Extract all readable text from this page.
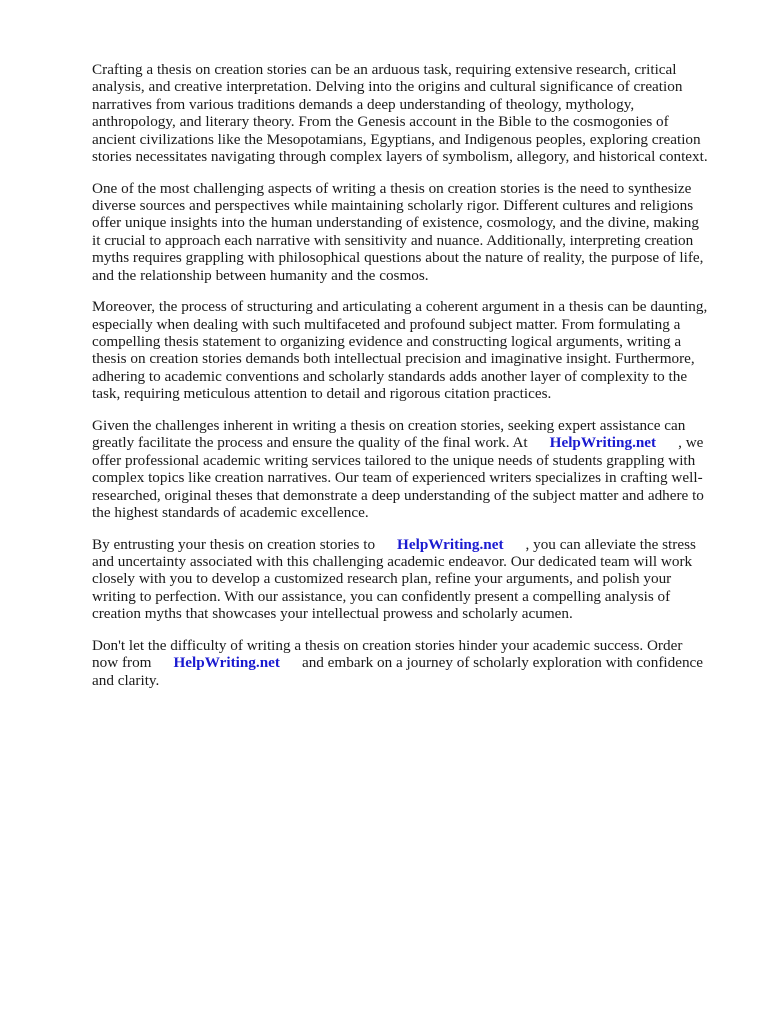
Crafting a thesis on creation stories can be an arduous task, requiring extensive research, critical
analysis, and creative interpretation. Delving into the origins and cultural significance of creation
narratives from various traditions demands a deep understanding of theology, mythology,
anthropology, and literary theory. From the Genesis account in the Bible to the cosmogonies of
ancient civilizations like the Mesopotamians, Egyptians, and Indigenous peoples, exploring creation
stories necessitates navigating through complex layers of symbolism, allegory, and historical context.

One of the most challenging aspects of writing a thesis on creation stories is the need to synthesize
diverse sources and perspectives while maintaining scholarly rigor. Different cultures and religions
offer unique insights into the human understanding of existence, cosmology, and the divine, making
it crucial to approach each narrative with sensitivity and nuance. Additionally, interpreting creation
myths requires grappling with philosophical questions about the nature of reality, the purpose of life,
and the relationship between humanity and the cosmos.

Moreover, the process of structuring and articulating a coherent argument in a thesis can be daunting,
especially when dealing with such multifaceted and profound subject matter. From formulating a
compelling thesis statement to organizing evidence and constructing logical arguments, writing a
thesis on creation stories demands both intellectual precision and imaginative insight. Furthermore,
adhering to academic conventions and scholarly standards adds another layer of complexity to the
task, requiring meticulous attention to detail and rigorous citation practices.

Given the challenges inherent in writing a thesis on creation stories, seeking expert assistance can
greatly facilitate the process and ensure the quality of the final work. At HelpWriting.net , we
offer professional academic writing services tailored to the unique needs of students grappling with
complex topics like creation narratives. Our team of experienced writers specializes in crafting well-
researched, original theses that demonstrate a deep understanding of the subject matter and adhere to
the highest standards of academic excellence.

By entrusting your thesis on creation stories to HelpWriting.net , you can alleviate the stress
and uncertainty associated with this challenging academic endeavor. Our dedicated team will work
closely with you to develop a customized research plan, refine your arguments, and polish your
writing to perfection. With our assistance, you can confidently present a compelling analysis of
creation myths that showcases your intellectual prowess and scholarly acumen.

Don't let the difficulty of writing a thesis on creation stories hinder your academic success. Order
now from HelpWriting.net and embark on a journey of scholarly exploration with confidence
and clarity.
